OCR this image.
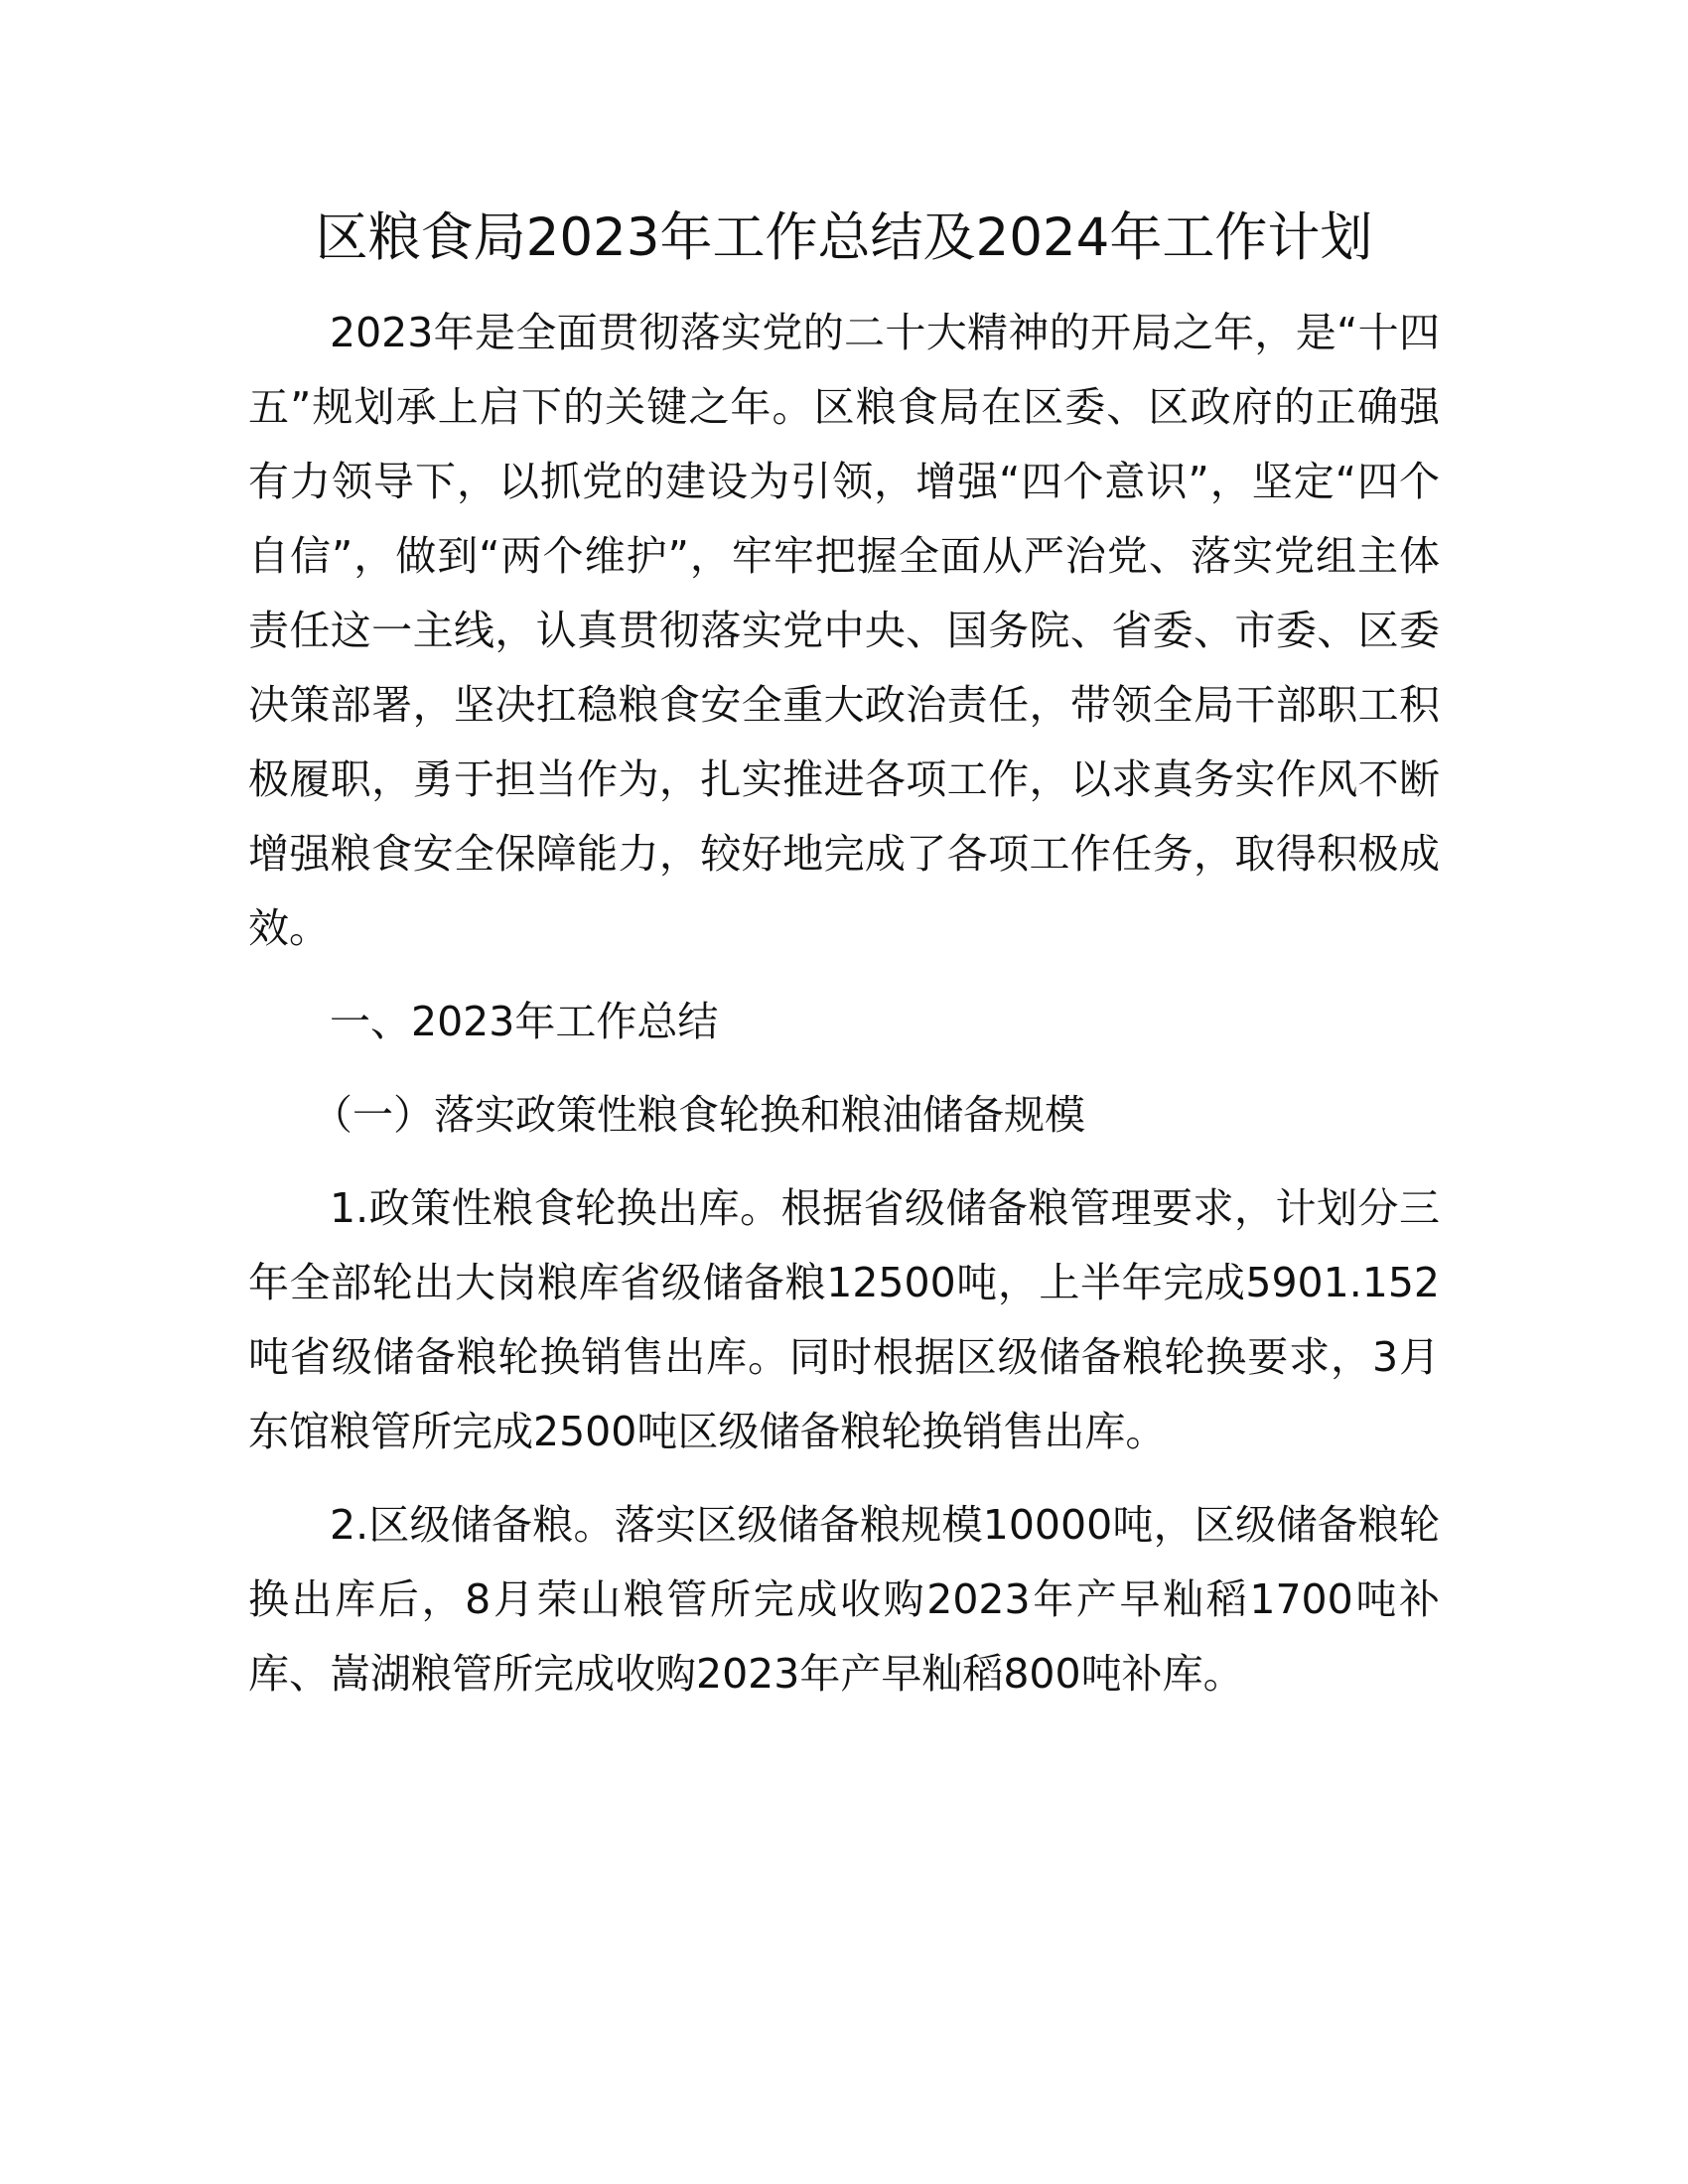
区粮食局2023年工作总结及2024年工作计划

2023年是全面贯彻落实党的二十大精神的开局之年，是“十四五”规划承上启下的关键之年。区粮食局在区委、区政府的正确强有力领导下，以抓党的建设为引领，增强“四个意识”，坚定“四个自信”，做到“两个维护”，牢牢把握全面从严治党、落实党组主体责任这一主线，认真贯彻落实党中央、国务院、省委、市委、区委决策部署，坚决扛稳粮食安全重大政治责任，带领全局干部职工积极履职，勇于担当作为，扎实推进各项工作，以求真务实作风不断增强粮食安全保障能力，较好地完成了各项工作任务，取得积极成效。

一、2023年工作总结

（一）落实政策性粮食轮换和粮油储备规模

1.政策性粮食轮换出库。根据省级储备粮管理要求，计划分三年全部轮出大岗粮库省级储备粮12500吨，上半年完成5901.152吨省级储备粮轮换销售出库。同时根据区级储备粮轮换要求，3月东馆粮管所完成2500吨区级储备粮轮换销售出库。

2.区级储备粮。落实区级储备粮规模10000吨，区级储备粮轮换出库后，8月荣山粮管所完成收购2023年产早籼稻1700吨补库、嵩湖粮管所完成收购2023年产早籼稻800吨补库。
